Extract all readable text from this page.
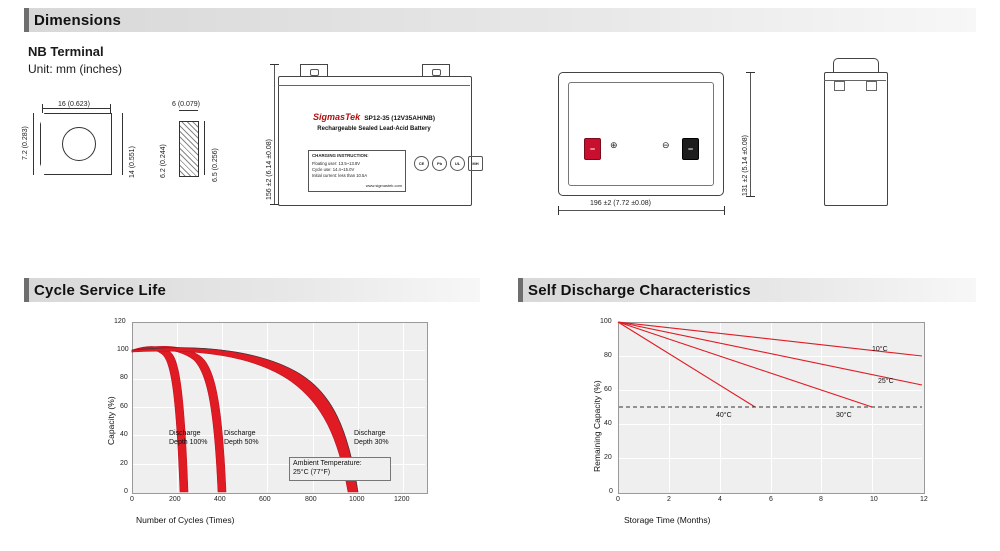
Dimensions
NB Terminal
Unit: mm (inches)
16 (0.623)
7.2 (0.283)
14 (0.551)
6 (0.079)
6.2 (0.244)	6.5 (0.256)
SigmasTek SP12-35 (12V35AH/NB)
Rechargeable Sealed Lead-Acid Battery
CHARGING INSTRUCTION:
Floating user: 13.5~13.8V
Cycle use: 14.4~15.0V
Initial current: less than 10.5A
www.sigmastek.com
CE	Pb	UL	MH
156 ±2 (6.14 ±0.08)	−	−
⊕	⊖
196 ±2 (7.72 ±0.08)
131 ±2 (5.14 ±0.08)
Cycle Service Life
120
100
80
60
40
20
0
0	200	400	600	800	1000	1200
Number of Cycles (Times)
Capacity (%)	Discharge
Depth 100%
Discharge
Depth 50%
Discharge
Depth 30%
Ambient Temperature:
25°C (77°F)
Self Discharge Characteristics
100
80
60
40
20
0
0	2	4	6	8	10	12
Storage Time (Months)
Remaining Capacity (%)
10°C
25°C
30°C
40°C
